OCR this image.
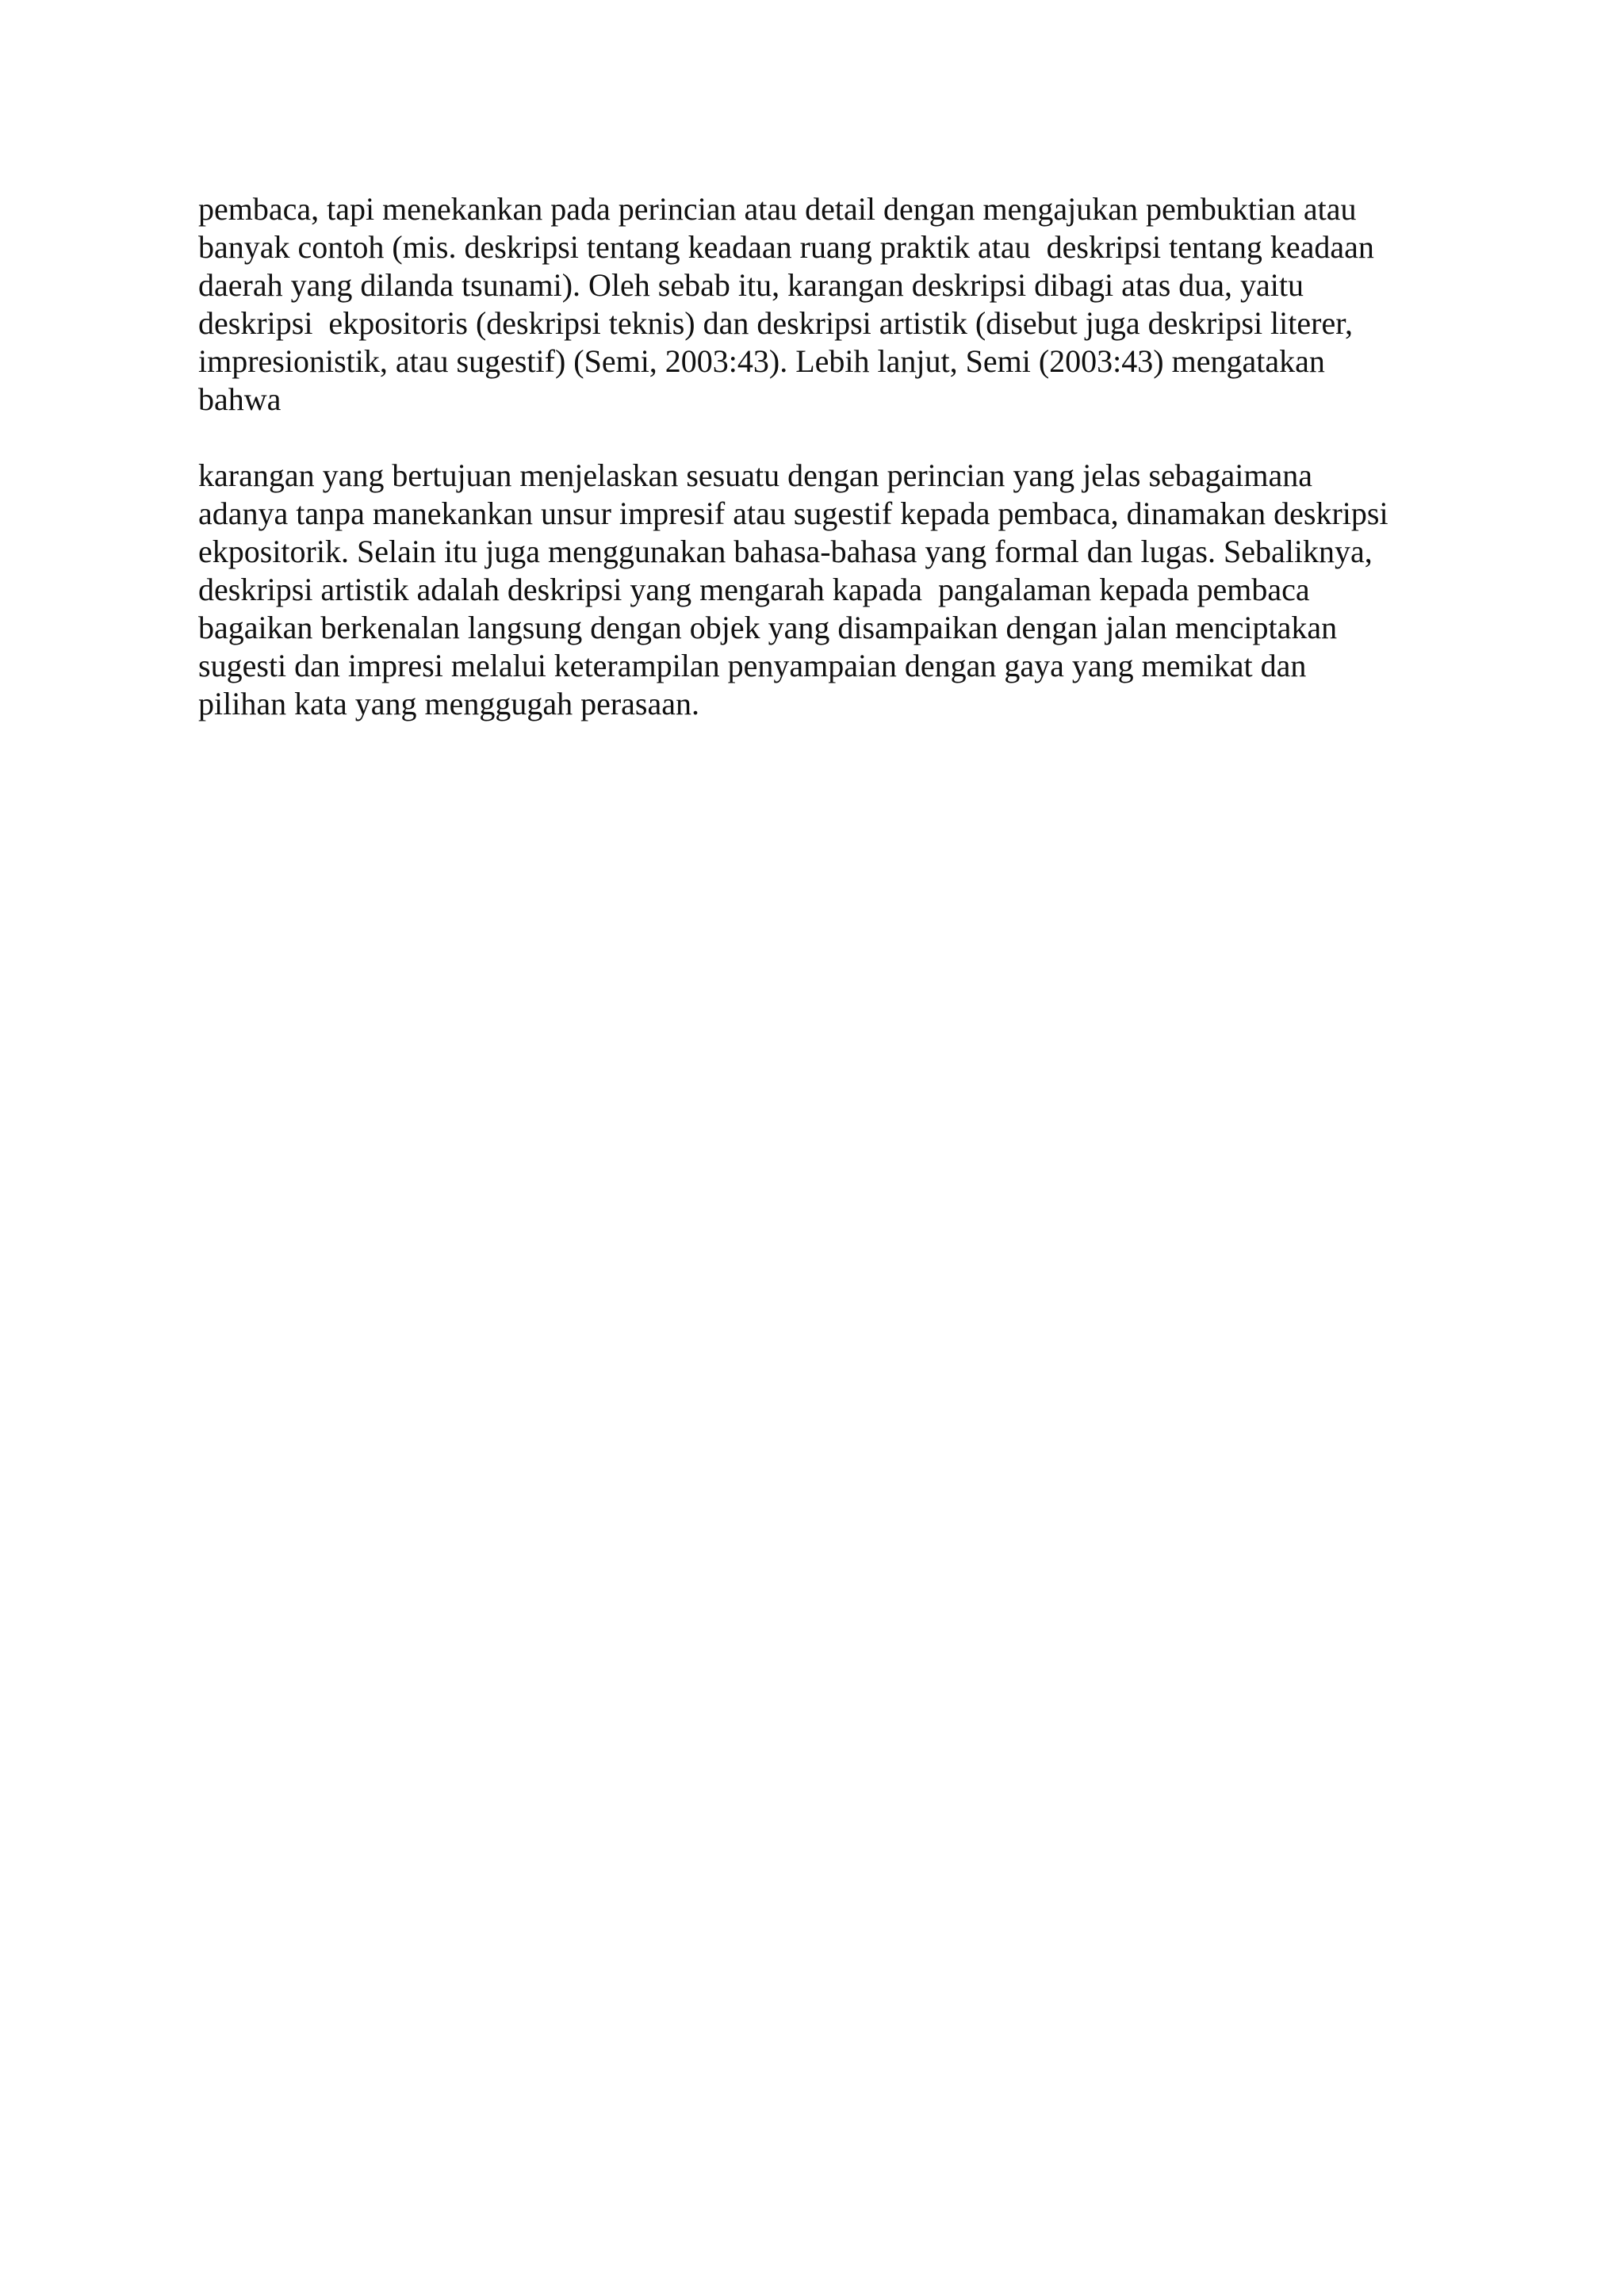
pembaca, tapi menekankan pada perincian atau detail dengan mengajukan pembuktian atau
banyak contoh (mis. deskripsi tentang keadaan ruang praktik atau  deskripsi tentang keadaan
daerah yang dilanda tsunami). Oleh sebab itu, karangan deskripsi dibagi atas dua, yaitu
deskripsi  ekpositoris (deskripsi teknis) dan deskripsi artistik (disebut juga deskripsi literer,
impresionistik, atau sugestif) (Semi, 2003:43). Lebih lanjut, Semi (2003:43) mengatakan
bahwa

karangan yang bertujuan menjelaskan sesuatu dengan perincian yang jelas sebagaimana
adanya tanpa manekankan unsur impresif atau sugestif kepada pembaca, dinamakan deskripsi
ekpositorik. Selain itu juga menggunakan bahasa-bahasa yang formal dan lugas. Sebaliknya,
deskripsi artistik adalah deskripsi yang mengarah kapada  pangalaman kepada pembaca
bagaikan berkenalan langsung dengan objek yang disampaikan dengan jalan menciptakan
sugesti dan impresi melalui keterampilan penyampaian dengan gaya yang memikat dan
pilihan kata yang menggugah perasaan.
